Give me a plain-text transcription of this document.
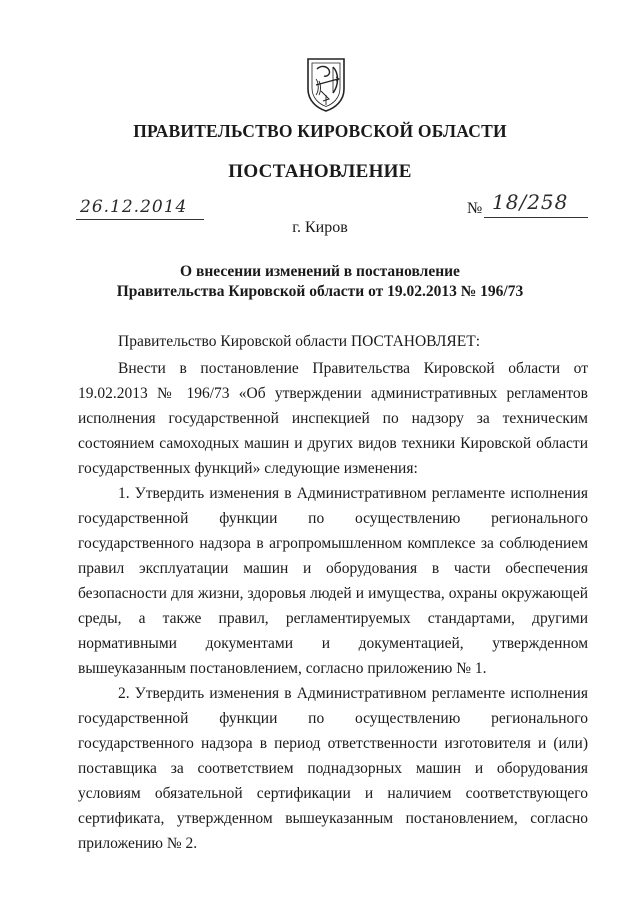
ПРАВИТЕЛЬСТВО КИРОВСКОЙ ОБЛАСТИ
ПОСТАНОВЛЕНИЕ
26.12.2014	№ 18/258
г. Киров
О внесении изменений в постановление
Правительства Кировской области от 19.02.2013 № 196/73

Правительство Кировской области ПОСТАНОВЛЯЕТ:

Внести в постановление Правительства Кировской области от 19.02.2013 № 196/73 «Об утверждении административных регламентов исполнения государственной инспекцией по надзору за техническим состоянием самоходных машин и других видов техники Кировской области государственных функций» следующие изменения:

1. Утвердить изменения в Административном регламенте исполнения государственной функции по осуществлению регионального государственного надзора в агропромышленном комплексе за соблюдением правил эксплуатации машин и оборудования в части обеспечения безопасности для жизни, здоровья людей и имущества, охраны окружающей среды, а также правил, регламентируемых стандартами, другими нормативными документами и документацией, утвержденном вышеуказанным постановлением, согласно приложению № 1.

2. Утвердить изменения в Административном регламенте исполнения государственной функции по осуществлению регионального государственного надзора в период ответственности изготовителя и (или) поставщика за соответствием поднадзорных машин и оборудования условиям обязательной сертификации и наличием соответствующего сертификата, утвержденном вышеуказанным постановлением, согласно приложению № 2.
